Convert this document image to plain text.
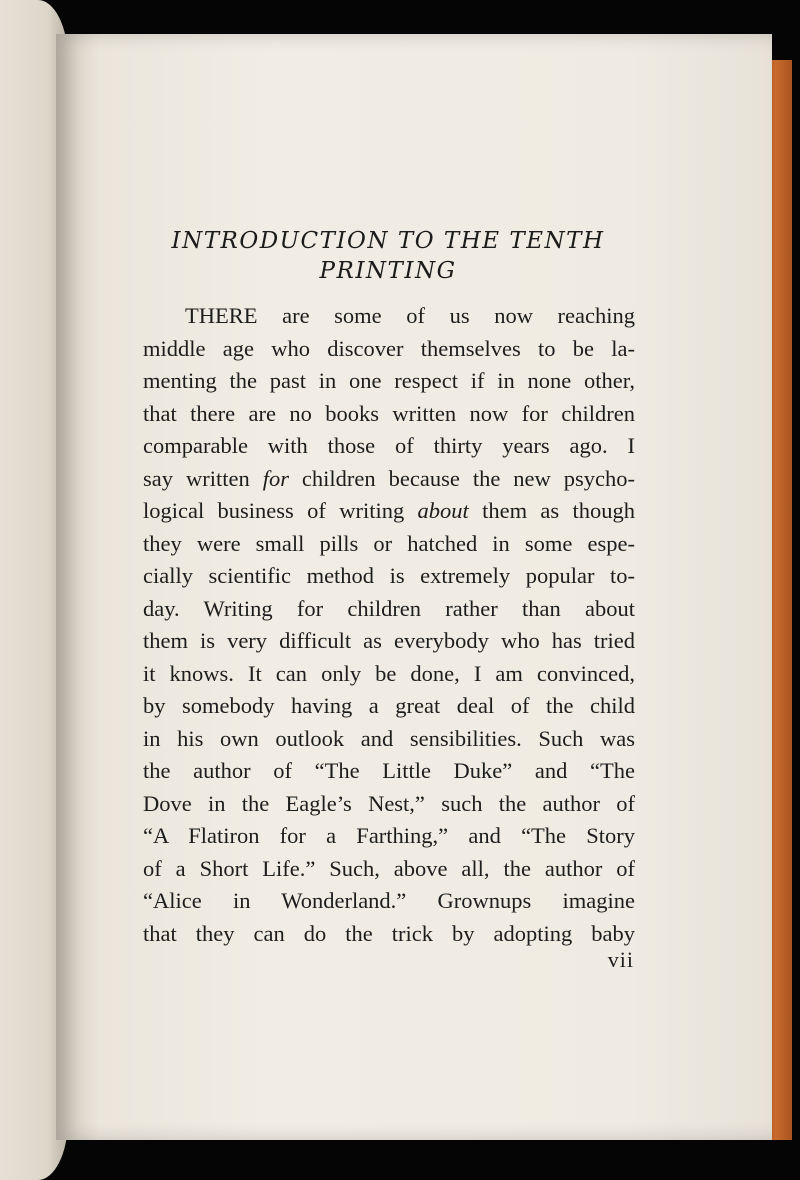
INTRODUCTION TO THE TENTH
PRINTING
THERE are some of us now reaching
middle age who discover themselves to be la-
menting the past in one respect if in none other,
that there are no books written now for children
comparable with those of thirty years ago. I
say written for children because the new psycho-
logical business of writing about them as though
they were small pills or hatched in some espe-
cially scientific method is extremely popular to-
day. Writing for children rather than about
them is very difficult as everybody who has tried
it knows. It can only be done, I am convinced,
by somebody having a great deal of the child
in his own outlook and sensibilities. Such was
the author of “The Little Duke” and “The
Dove in the Eagle’s Nest,” such the author of
“A Flatiron for a Farthing,” and “The Story
of a Short Life.” Such, above all, the author of
“Alice in Wonderland.” Grownups imagine
that they can do the trick by adopting baby
vii
